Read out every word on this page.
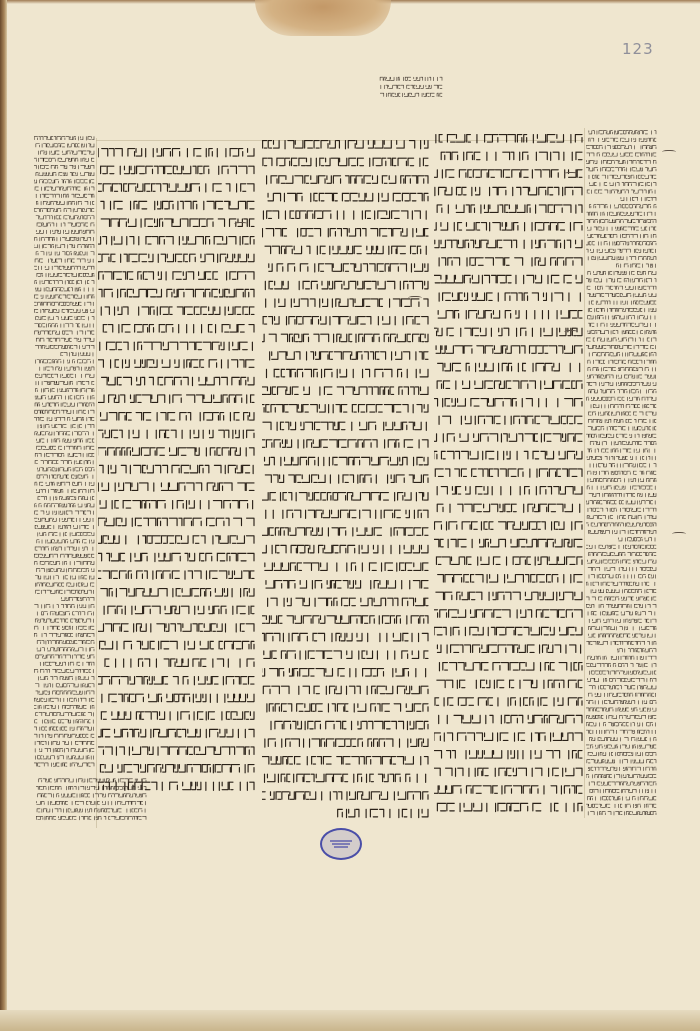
123
